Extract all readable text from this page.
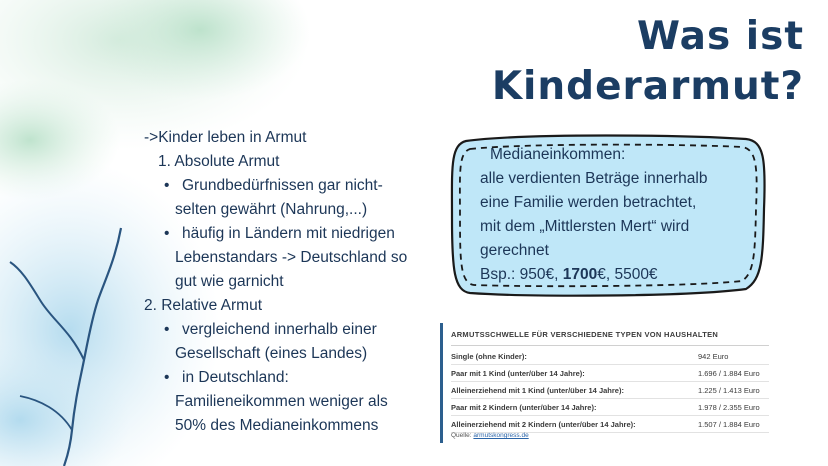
Was ist
Kinderarmut?
->Kinder leben in Armut
1. Absolute Armut
• Grundbedürfnissen gar nicht-
selten gewährt (Nahrung,...)
• häufig in Ländern mit niedrigen
Lebenstandars -> Deutschland so
gut wie garnicht
2. Relative Armut
• vergleichend innerhalb einer
Gesellschaft (eines Landes)
• in Deutschland:
Familieneikommen weniger als
50% des Medianeinkommens
Medianeinkommen:
alle verdienten Beträge innerhalb
eine Familie werden betrachtet,
mit dem „Mittlersten Mert“ wird
gerechnet
Bsp.: 950€, 1700€, 5500€
ARMUTSSCHWELLE FÜR VERSCHIEDENE TYPEN VON HAUSHALTEN
Single (ohne Kinder):	942 Euro
Paar mit 1 Kind (unter/über 14 Jahre):	1.696 / 1.884 Euro
Alleinerziehend mit 1 Kind (unter/über 14 Jahre):	1.225 / 1.413 Euro
Paar mit 2 Kindern (unter/über 14 Jahre):	1.978 / 2.355 Euro
Alleinerziehend mit 2 Kindern (unter/über 14 Jahre):	1.507 / 1.884 Euro
Quelle: armutskongress.de
